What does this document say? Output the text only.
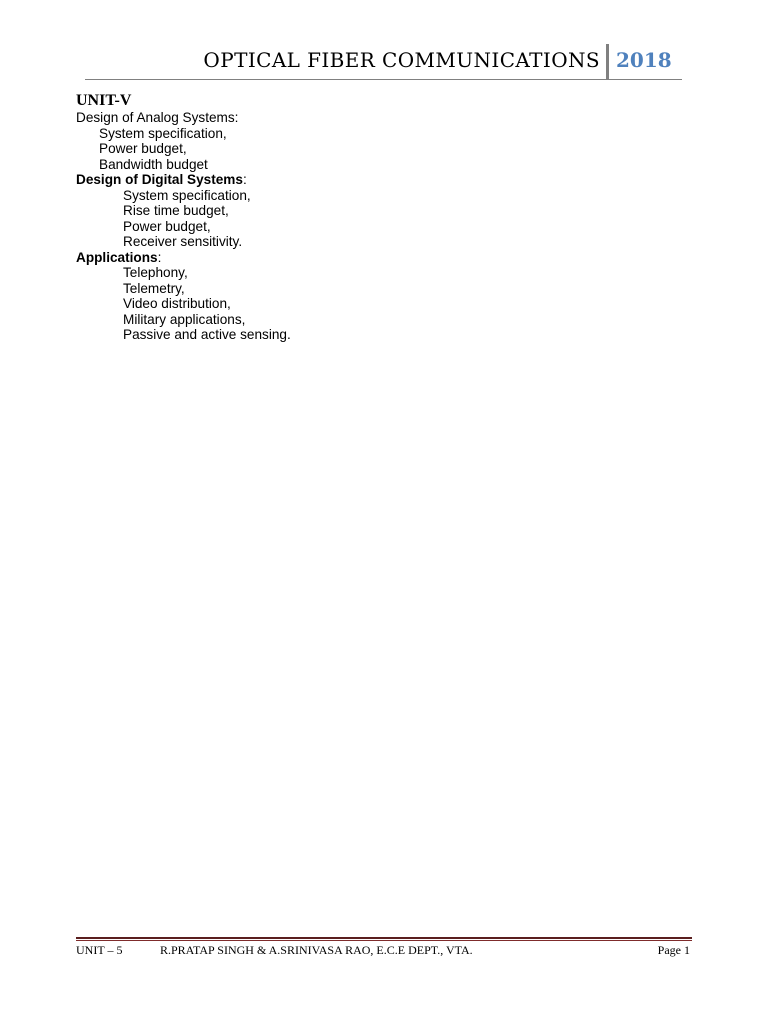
OPTICAL FIBER COMMUNICATIONS 2018
UNIT-V
Design of Analog Systems:
System specification,
Power budget,
Bandwidth budget
Design of Digital Systems:
System specification,
Rise time budget,
Power budget,
Receiver sensitivity.
Applications:
Telephony,
Telemetry,
Video distribution,
Military applications,
Passive and active sensing.
UNIT – 5	R.PRATAP SINGH & A.SRINIVASA RAO, E.C.E DEPT., VTA.	Page 1
